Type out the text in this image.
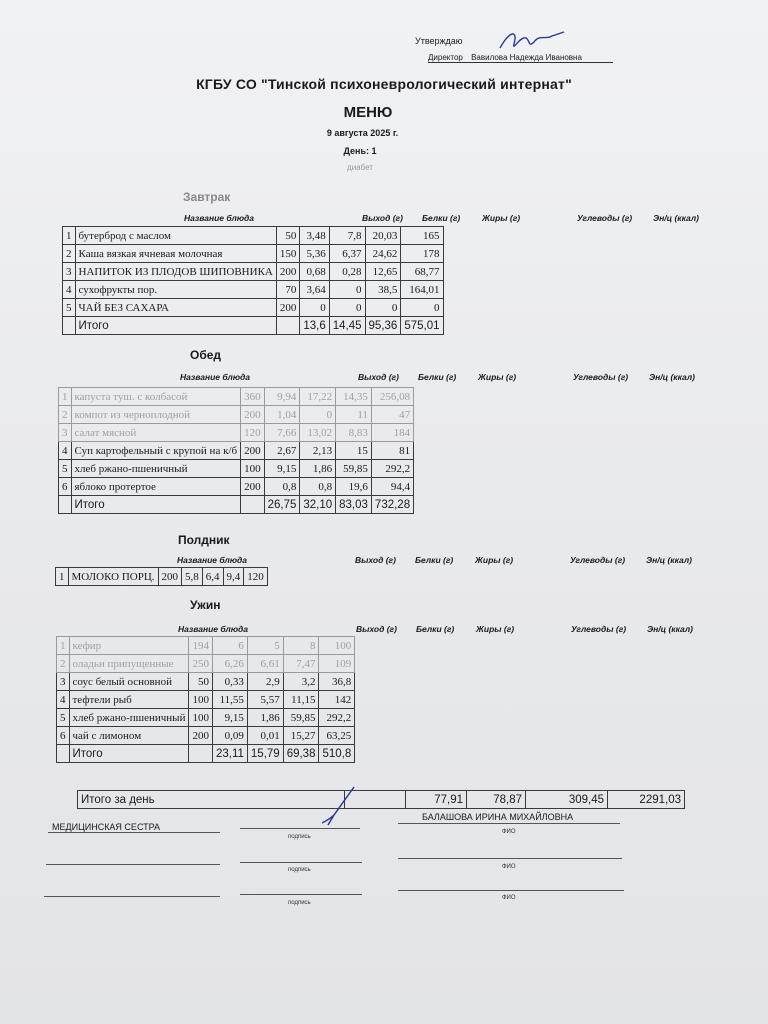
Утверждаю
Директор Вавилова Надежда Ивановна
КГБУ СО "Тинской психоневрологический интернат"
МЕНЮ
9 августа 2025 г.
День: 1
диабет
Завтрак
Название блюда	Выход (г) Белки (г)	Жиры (г)	Углеводы (г) Эн/ц (ккал)
1	бутерброд с маслом	50	3,48	7,8	20,03	165
2	Каша вязкая ячневая молочная	150	5,36	6,37	24,62	178
3	НАПИТОК ИЗ ПЛОДОВ ШИПОВНИКА	200	0,68	0,28	12,65	68,77
4	сухофрукты пор.	70	3,64	0	38,5	164,01
5	ЧАЙ БЕЗ САХАРА	200	0	0	0	0
	Итого		13,6	14,45	95,36	575,01
Обед
Название блюда	Выход (г) Белки (г)	Жиры (г)	Углеводы (г) Эн/ц (ккал)
1	капуста туш. с колбасой	360	9,94	17,22	14,35	256,08
2	компот из черноплодной	200	1,04	0	11	47
3	салат мясной	120	7,66	13,02	8,83	184
4	Суп картофельный с крупой на к/б	200	2,67	2,13	15	81
5	хлеб ржано-пшеничный	100	9,15	1,86	59,85	292,2
6	яблоко протертое	200	0,8	0,8	19,6	94,4
	Итого		26,75	32,10	83,03	732,28
Полдник
Название блюда	Выход (г) Белки (г)	Жиры (г)	Углеводы (г) Эн/ц (ккал)
1	МОЛОКО ПОРЦ.	200	5,8	6,4	9,4	120
Ужин
Название блюда	Выход (г) Белки (г)	Жиры (г)	Углеводы (г) Эн/ц (ккал)
1	кефир	194	6	5	8	100
2	оладьи припущенные	250	6,26	6,61	7,47	109
3	соус белый основной	50	0,33	2,9	3,2	36,8
4	тефтели рыб	100	11,55	5,57	11,15	142
5	хлеб ржано-пшеничный	100	9,15	1,86	59,85	292,2
6	чай с лимоном	200	0,09	0,01	15,27	63,25
	Итого		23,11	15,79	69,38	510,8
Итого за день		77,91	78,87	309,45	2291,03
МЕДИЦИНСКАЯ СЕСТРА
подпись
БАЛАШОВА ИРИНА МИХАЙЛОВНА
ФИО
подпись	ФИО
подпись
ФИО
